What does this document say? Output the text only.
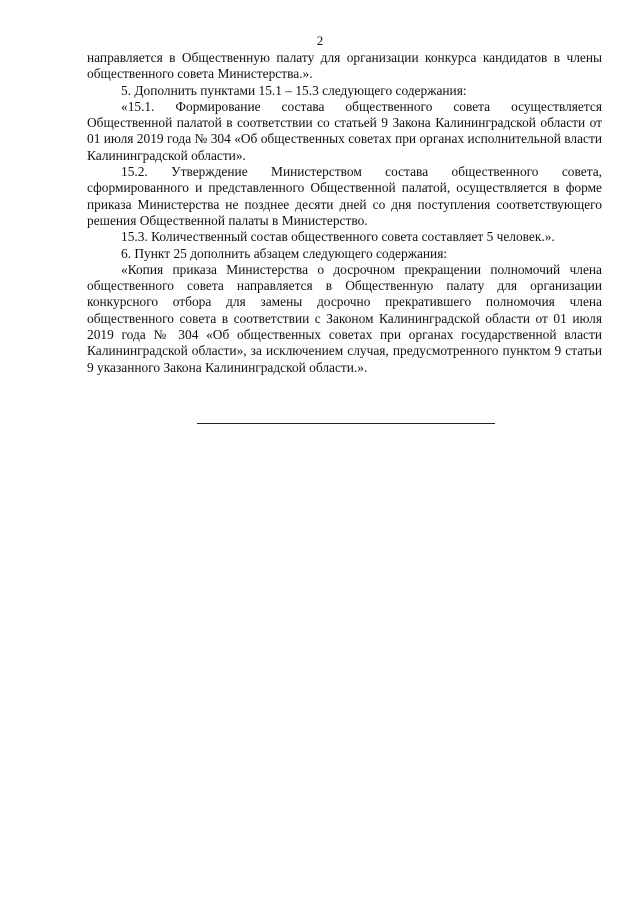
2

направляется в Общественную палату для организации конкурса кандидатов в члены общественного совета Министерства.».

5. Дополнить пунктами 15.1 – 15.3 следующего содержания:

«15.1. Формирование состава общественного совета осуществляется Общественной палатой в соответствии со статьей 9 Закона Калининградской области от 01 июля 2019 года № 304 «Об общественных советах при органах исполнительной власти Калининградской области».

15.2. Утверждение Министерством состава общественного совета, сформированного и представленного Общественной палатой, осуществляется в форме приказа Министерства не позднее десяти дней со дня поступления соответствующего решения Общественной палаты в Министерство.

15.3. Количественный состав общественного совета составляет 5 человек.».

6. Пункт 25 дополнить абзацем следующего содержания:

«Копия приказа Министерства о досрочном прекращении полномочий члена общественного совета направляется в Общественную палату для организации конкурсного отбора для замены досрочно прекратившего полномочия члена общественного совета в соответствии с Законом Калининградской области от 01 июля 2019 года № 304 «Об общественных советах при органах государственной власти Калининградской области», за исключением случая, предусмотренного пунктом 9 статьи 9 указанного Закона Калининградской области.».
